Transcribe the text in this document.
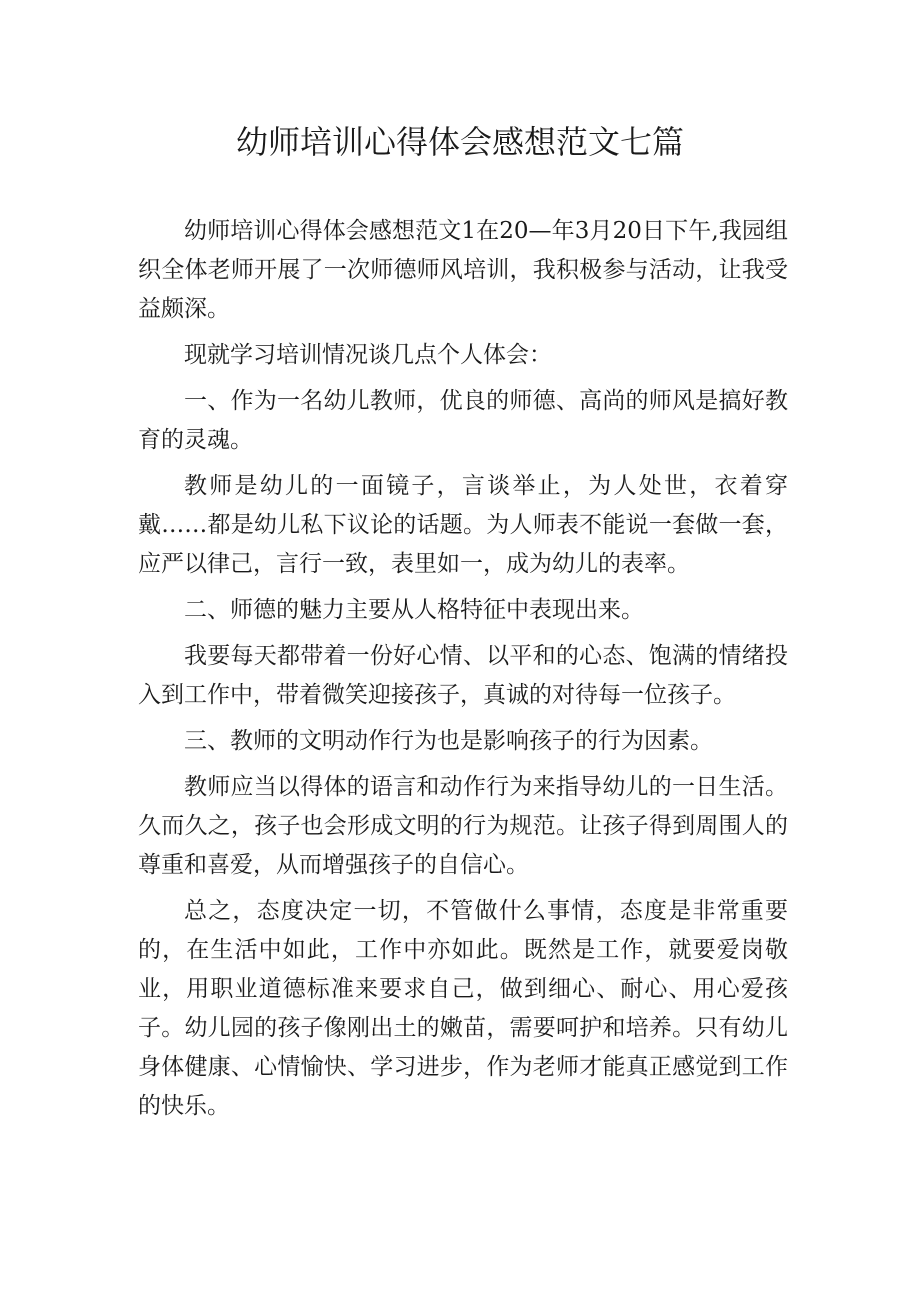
幼师培训心得体会感想范文七篇

幼师培训心得体会感想范文1在20—年3月20日下午,我园组织全体老师开展了一次师德师风培训，我积极参与活动，让我受益颇深。

现就学习培训情况谈几点个人体会：

一、作为一名幼儿教师，优良的师德、高尚的师风是搞好教育的灵魂。

教师是幼儿的一面镜子，言谈举止，为人处世，衣着穿戴……都是幼儿私下议论的话题。为人师表不能说一套做一套，应严以律己，言行一致，表里如一，成为幼儿的表率。

二、师德的魅力主要从人格特征中表现出来。

我要每天都带着一份好心情、以平和的心态、饱满的情绪投入到工作中，带着微笑迎接孩子，真诚的对待每一位孩子。

三、教师的文明动作行为也是影响孩子的行为因素。

教师应当以得体的语言和动作行为来指导幼儿的一日生活。久而久之，孩子也会形成文明的行为规范。让孩子得到周围人的尊重和喜爱，从而增强孩子的自信心。

总之，态度决定一切，不管做什么事情，态度是非常重要的，在生活中如此，工作中亦如此。既然是工作，就要爱岗敬业，用职业道德标准来要求自己，做到细心、耐心、用心爱孩子。幼儿园的孩子像刚出土的嫩苗，需要呵护和培养。只有幼儿身体健康、心情愉快、学习进步，作为老师才能真正感觉到工作的快乐。
